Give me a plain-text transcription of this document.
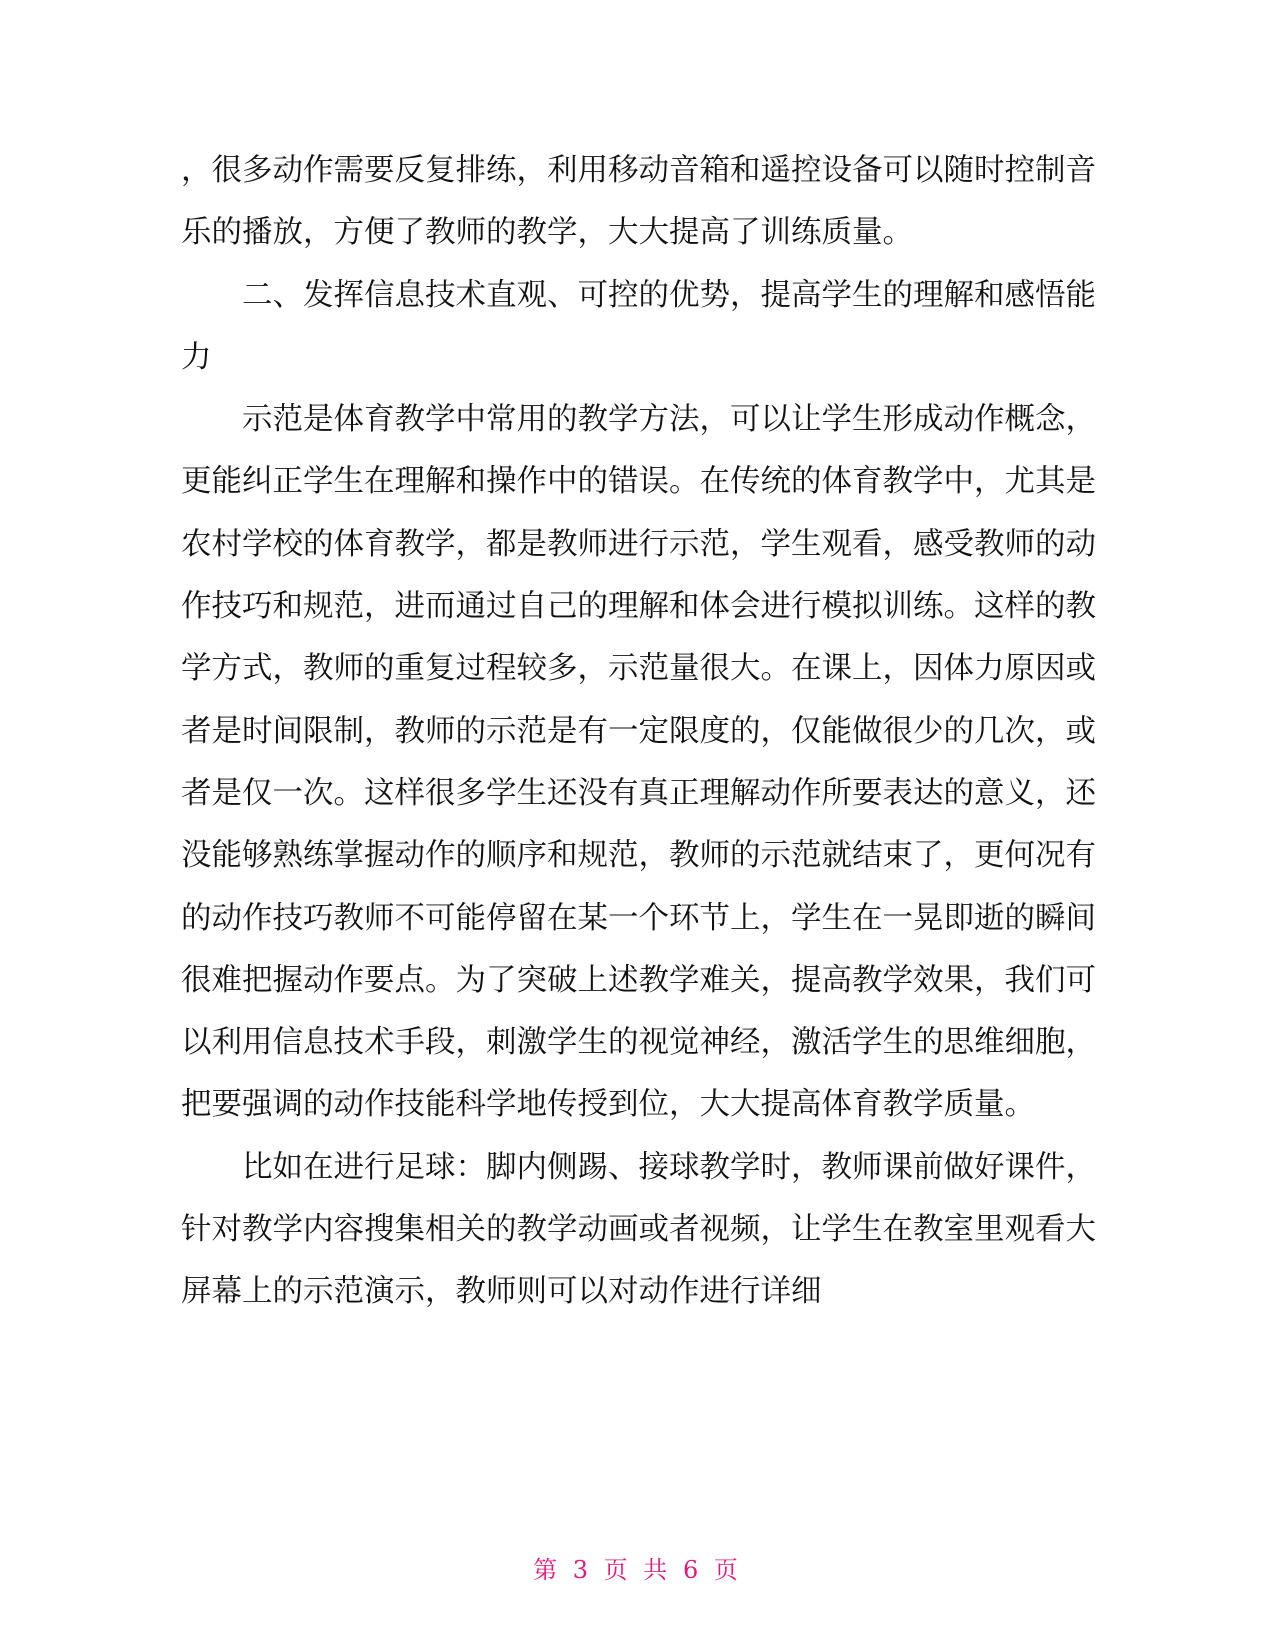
，很多动作需要反复排练，利用移动音箱和遥控设备可以随时控制音乐的播放，方便了教师的教学，大大提高了训练质量。

二、发挥信息技术直观、可控的优势，提高学生的理解和感悟能力

示范是体育教学中常用的教学方法，可以让学生形成动作概念，更能纠正学生在理解和操作中的错误。在传统的体育教学中，尤其是农村学校的体育教学，都是教师进行示范，学生观看，感受教师的动作技巧和规范，进而通过自己的理解和体会进行模拟训练。这样的教学方式，教师的重复过程较多，示范量很大。在课上，因体力原因或者是时间限制，教师的示范是有一定限度的，仅能做很少的几次，或者是仅一次。这样很多学生还没有真正理解动作所要表达的意义，还没能够熟练掌握动作的顺序和规范，教师的示范就结束了，更何况有的动作技巧教师不可能停留在某一个环节上，学生在一晃即逝的瞬间很难把握动作要点。为了突破上述教学难关，提高教学效果，我们可以利用信息技术手段，刺激学生的视觉神经，激活学生的思维细胞，把要强调的动作技能科学地传授到位，大大提高体育教学质量。

比如在进行足球：脚内侧踢、接球教学时，教师课前做好课件，针对教学内容搜集相关的教学动画或者视频，让学生在教室里观看大屏幕上的示范演示，教师则可以对动作进行详细

第 3 页 共 6 页
